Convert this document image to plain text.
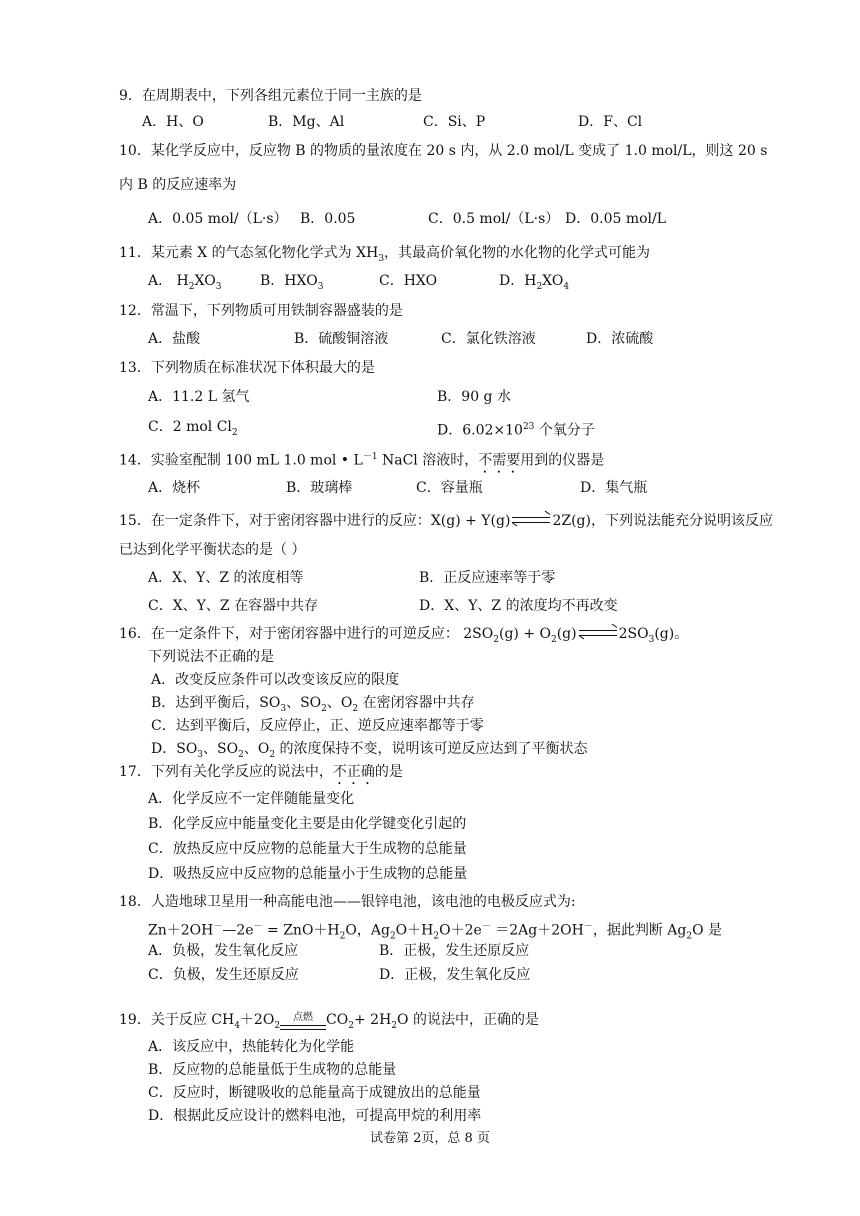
9．在周期表中，下列各组元素位于同一主族的是
A．H、O	B．Mg、Al	C．Si、P	D．F、Cl
10．某化学反应中，反应物 B 的物质的量浓度在 20 s 内，从 2.0 mol/L 变成了 1.0 mol/L，则这 20 s
内 B 的反应速率为
A．0.05 mol/（L·s） B．0.05	C．0.5 mol/（L·s） D．0.05 mol/L
11．某元素 X 的气态氢化物化学式为 $XH_3$，其最高价氧化物的水化物的化学式可能为
A． $H_2XO_3$	B．$HXO_3$	C．HXO	D．$H_2XO_4$
12．常温下，下列物质可用铁制容器盛装的是
A．盐酸	B．硫酸铜溶液	C．氯化铁溶液	D．浓硫酸
13．下列物质在标准状况下体积最大的是
A．11.2 L 氢气	B．90 g 水
C．2 mol $Cl_2$	D．$6.02\times 10^{23}$ 个氧分子
14．实验室配制 100 mL 1.0 mol • $L^{-1}$ NaCl 溶液时，不需要用到的仪器是
A．烧杯	B．玻璃棒	C．容量瓶	D．集气瓶
15．在一定条件下，对于密闭容器中进行的反应：X(g) + Y(g)	2Z(g)，下列说法能充分说明该反应
已达到化学平衡状态的是（ ）
A．X、Y、Z 的浓度相等	B．正反应速率等于零
C．X、Y、Z 在容器中共存	D．X、Y、Z 的浓度均不再改变
16．在一定条件下，对于密闭容器中进行的可逆反应： $2SO_2(g) + O_2(g)$	$2SO_3(g)$。
下列说法不正确的是
A．改变反应条件可以改变该反应的限度
B．达到平衡后，$SO_3$、$SO_2$、$O_2$ 在密闭容器中共存
C．达到平衡后，反应停止，正、逆反应速率都等于零
D．$SO_3$、$SO_2$、$O_2$ 的浓度保持不变，说明该可逆反应达到了平衡状态
17．下列有关化学反应的说法中，不正确的是
A．化学反应不一定伴随能量变化
B．化学反应中能量变化主要是由化学键变化引起的
C．放热反应中反应物的总能量大于生成物的总能量
D．吸热反应中反应物的总能量小于生成物的总能量
18．人造地球卫星用一种高能电池——银锌电池，该电池的电极反应式为:
Zn＋2OH－—2e－ = $ZnO+H_2O$，$Ag_2O+H_2O+2e^- =2Ag+2OH^-$，据此判断 $Ag_2O$ 是
A．负极，发生氧化反应	B．正极，发生还原反应
C．负极，发生还原反应	D．正极，发生氧化反应
19．关于反应 $CH_4+2O_2$
点燃 $CO_2+ 2H_2O$ 的说法中，正确的是
A．该反应中，热能转化为化学能
B．反应物的总能量低于生成物的总能量
C．反应时，断键吸收的总能量高于成键放出的总能量
D．根据此反应设计的燃料电池，可提高甲烷的利用率
试卷第 2页，总 8 页
